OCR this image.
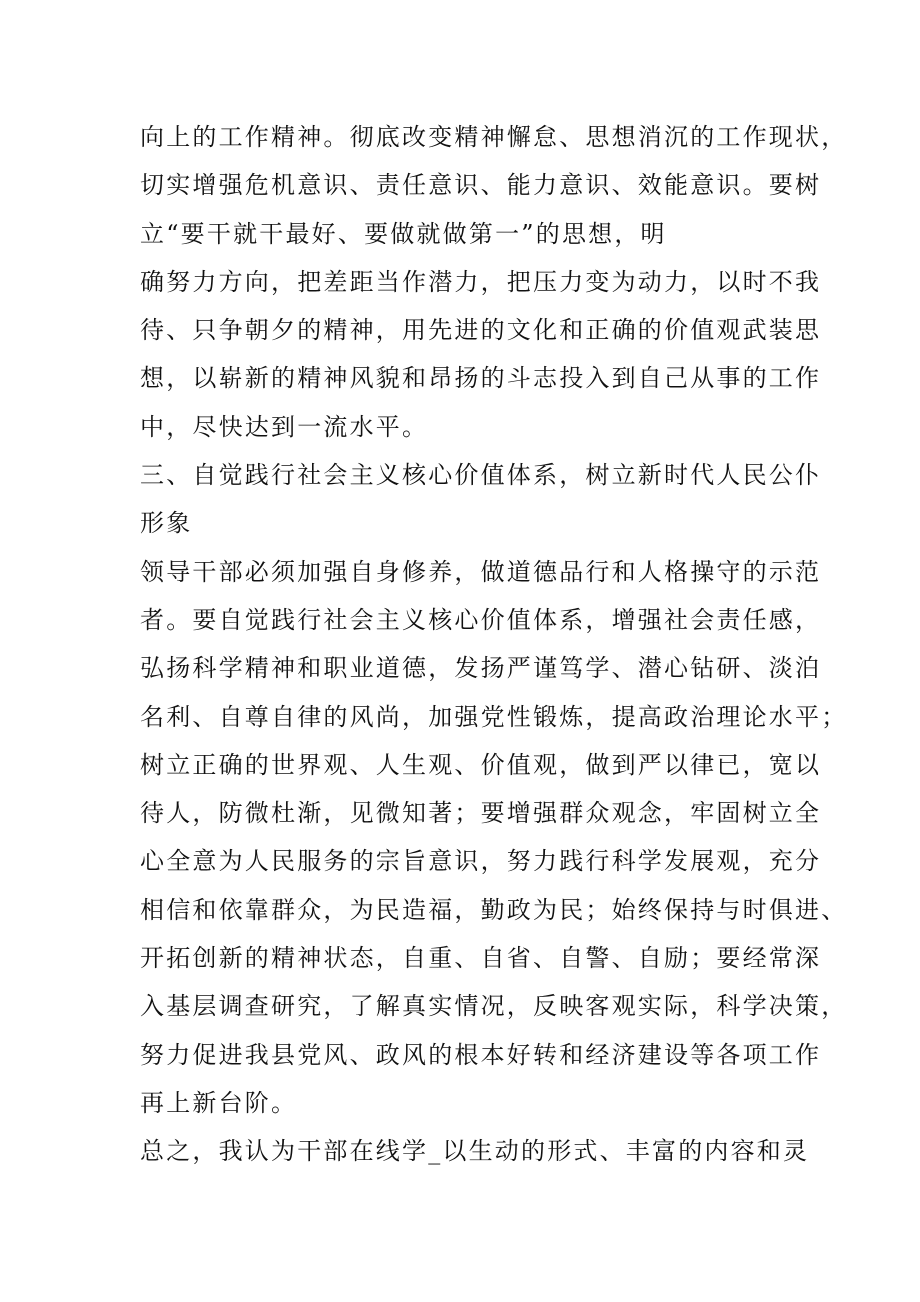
向上的工作精神。彻底改变精神懈怠、思想消沉的工作现状，
切实增强危机意识、责任意识、能力意识、效能意识。要树
立“要干就干最好、要做就做第一”的思想，明
确努力方向，把差距当作潜力，把压力变为动力，以时不我
待、只争朝夕的精神，用先进的文化和正确的价值观武装思
想，以崭新的精神风貌和昂扬的斗志投入到自己从事的工作
中，尽快达到一流水平。
三、自觉践行社会主义核心价值体系，树立新时代人民公仆
形象
领导干部必须加强自身修养，做道德品行和人格操守的示范
者。要自觉践行社会主义核心价值体系，增强社会责任感，
弘扬科学精神和职业道德，发扬严谨笃学、潜心钻研、淡泊
名利、自尊自律的风尚，加强党性锻炼，提高政治理论水平；
树立正确的世界观、人生观、价值观，做到严以律已，宽以
待人，防微杜渐，见微知著；要增强群众观念，牢固树立全
心全意为人民服务的宗旨意识，努力践行科学发展观，充分
相信和依靠群众，为民造福，勤政为民；始终保持与时俱进、
开拓创新的精神状态，自重、自省、自警、自励；要经常深
入基层调查研究，了解真实情况，反映客观实际，科学决策，
努力促进我县党风、政风的根本好转和经济建设等各项工作
再上新台阶。
总之，我认为干部在线学_以生动的形式、丰富的内容和灵
